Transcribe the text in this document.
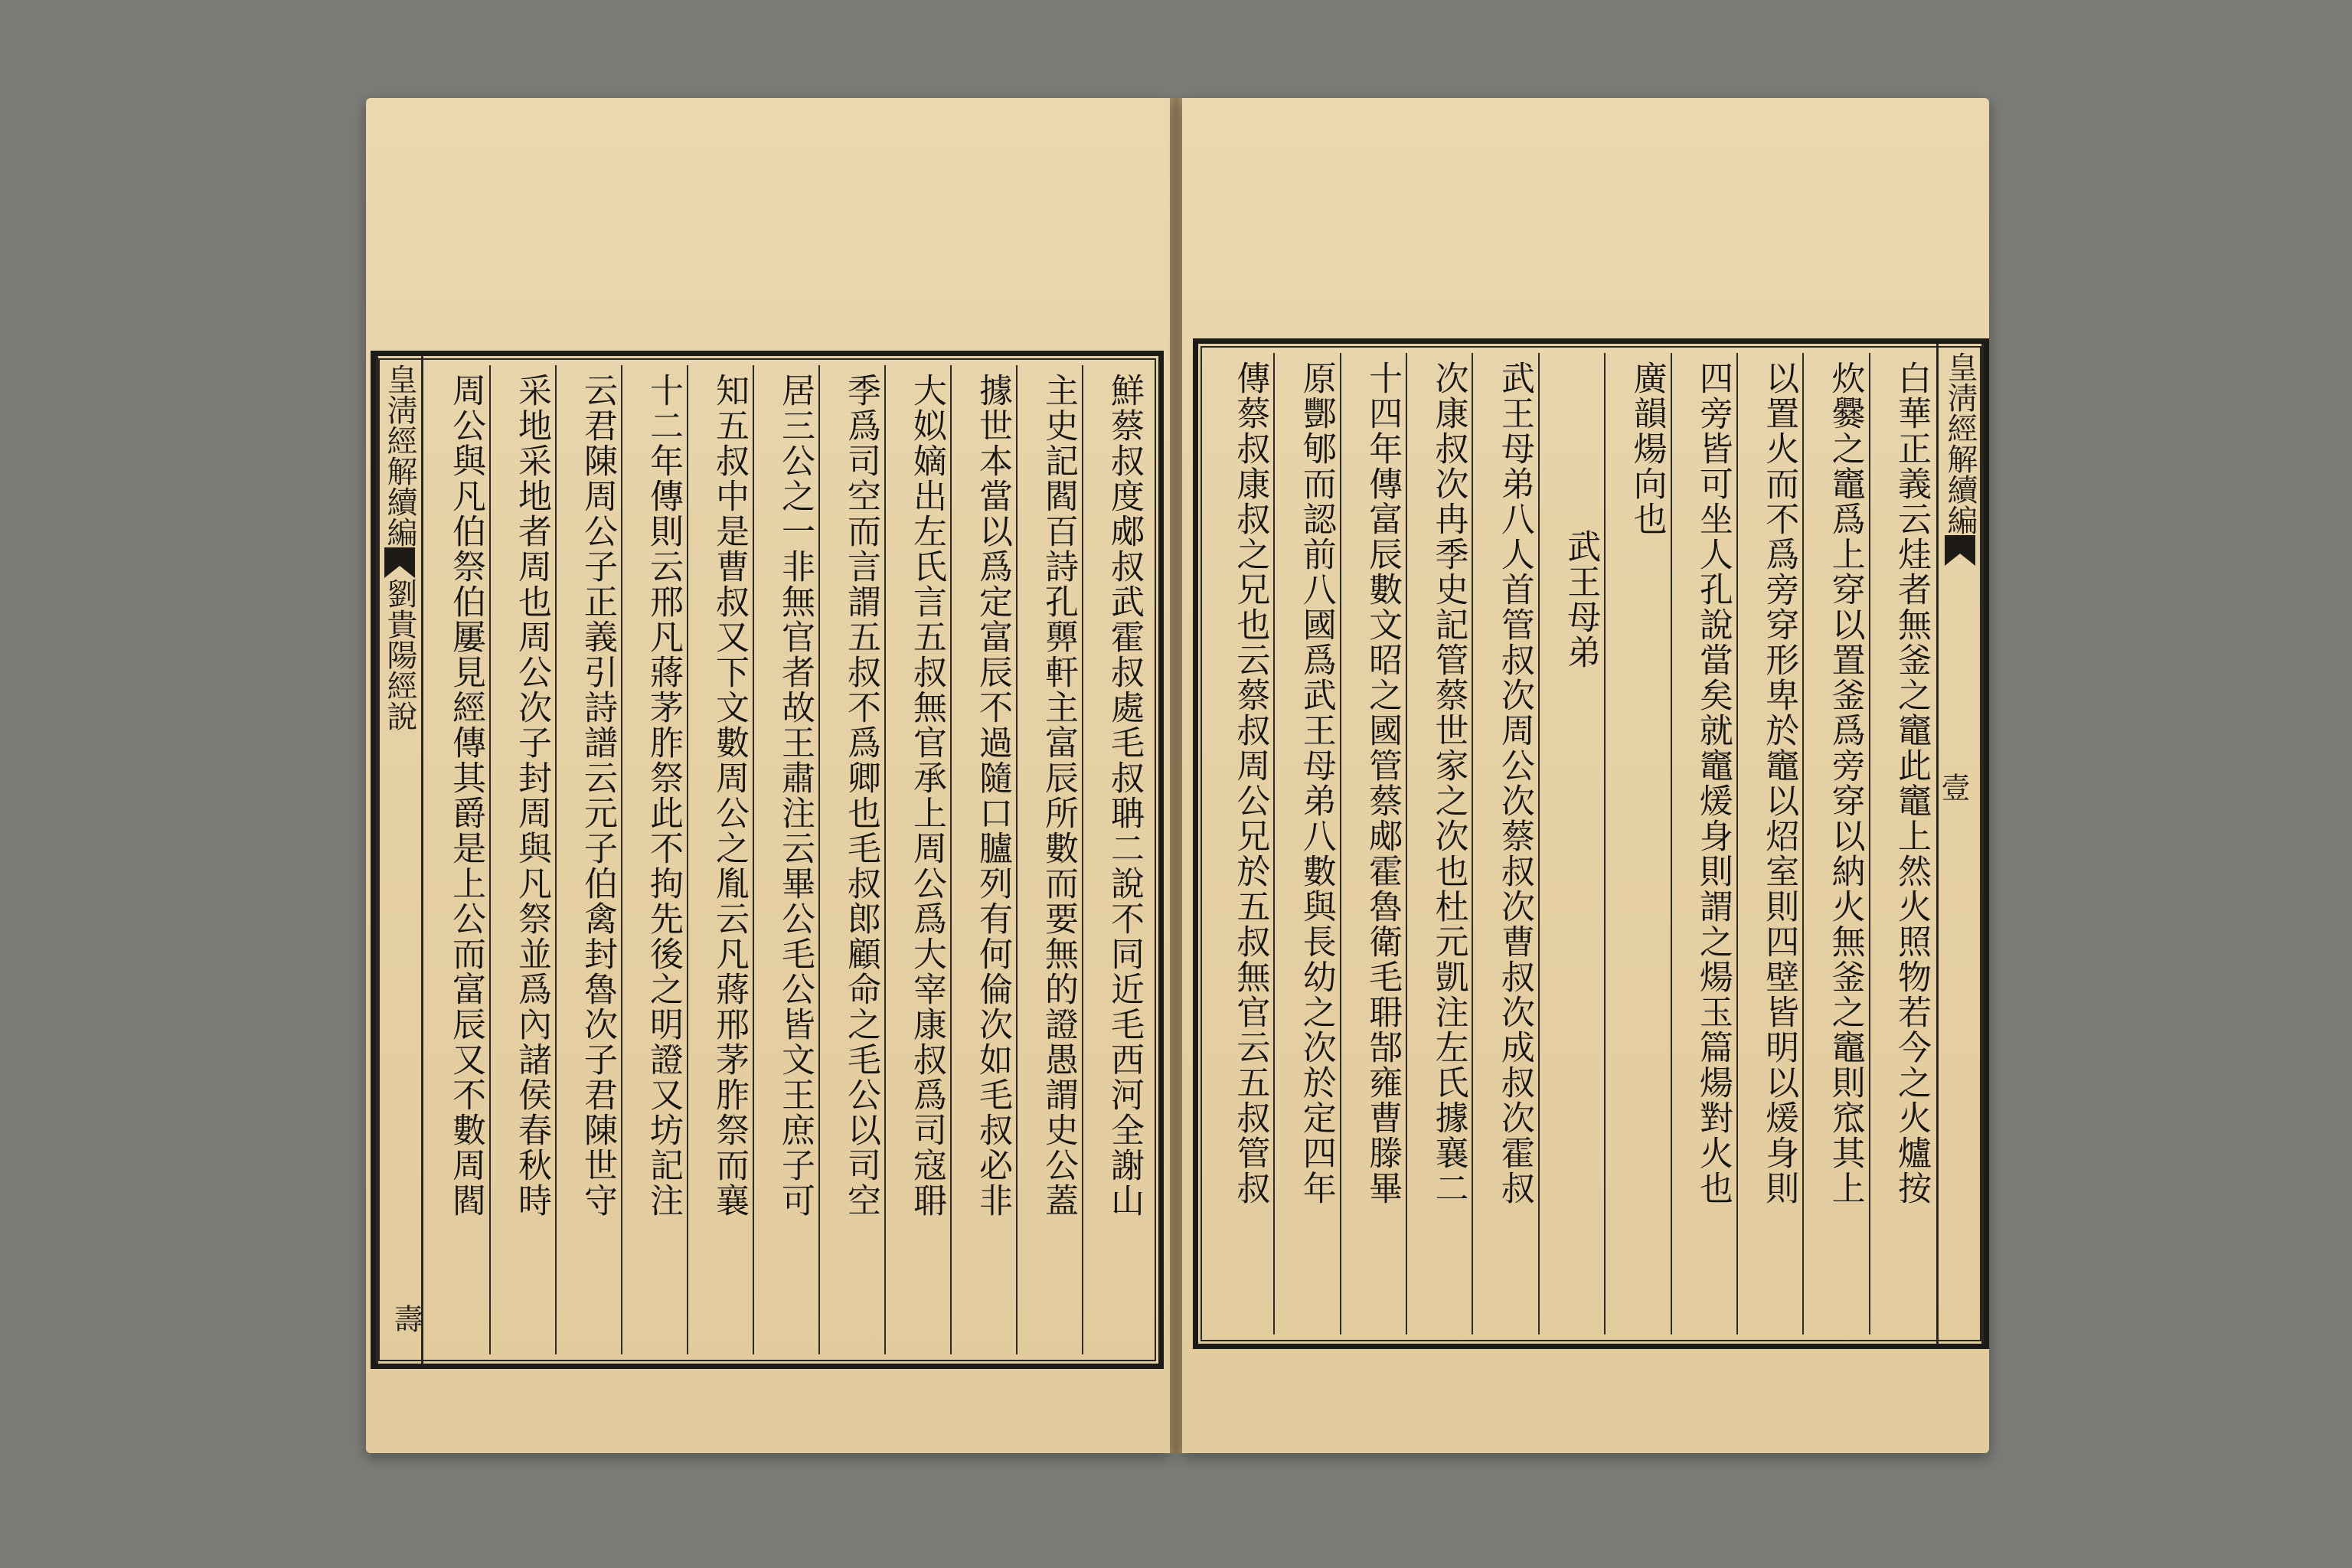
皇淸經解續編劉貴陽經說	鮮蔡叔度郕叔武霍叔處毛叔聃二說不同近毛西河全謝山
主史記閻百詩孔顨軒主富辰所數而要無的證愚謂史公蓋
據世本當以爲定富辰不過隨口臚列有何倫次如毛叔必非
大姒嫡出左氏言五叔無官承上周公爲大宰康叔爲司寇耼
季爲司空而言謂五叔不爲卿也毛叔郎顧命之毛公以司空
居三公之一非無官者故王肅注云畢公毛公皆文王庶子可
知五叔中是曹叔又下文數周公之胤云凡蔣邢茅胙祭而襄
十二年傳則云邢凡蔣茅胙祭此不拘先後之明證又坊記注
云君陳周公子正義引詩譜云元子伯禽封魯次子君陳世守
采地采地者周也周公次子封周與凡祭並爲內諸侯春秋時
周公與凡伯祭伯屢見經傳其爵是上公而富辰又不數周閻
壽
皇淸經解續編
白華正義云烓者無釜之竈此竈上然火照物若今之火爐按
炊爨之竈爲上穿以置釜爲旁穿以納火無釜之竈則窊其上
以置火而不爲旁穿形卑於竈以炤室則四壁皆明以煖身則
四旁皆可坐人孔說當矣就竈煖身則謂之煬玉篇煬對火也
廣韻煬向也
武王母弟
武王母弟八人首管叔次周公次蔡叔次曹叔次成叔次霍叔
次康叔次冉季史記管蔡世家之次也杜元凱注左氏據襄二
十四年傳富辰數文昭之國管蔡郕霍魯衛毛耼郜雍曹滕畢
原酆郇而認前八國爲武王母弟八數與長幼之次於定四年
傳蔡叔康叔之兄也云蔡叔周公兄於五叔無官云五叔管叔	壹
